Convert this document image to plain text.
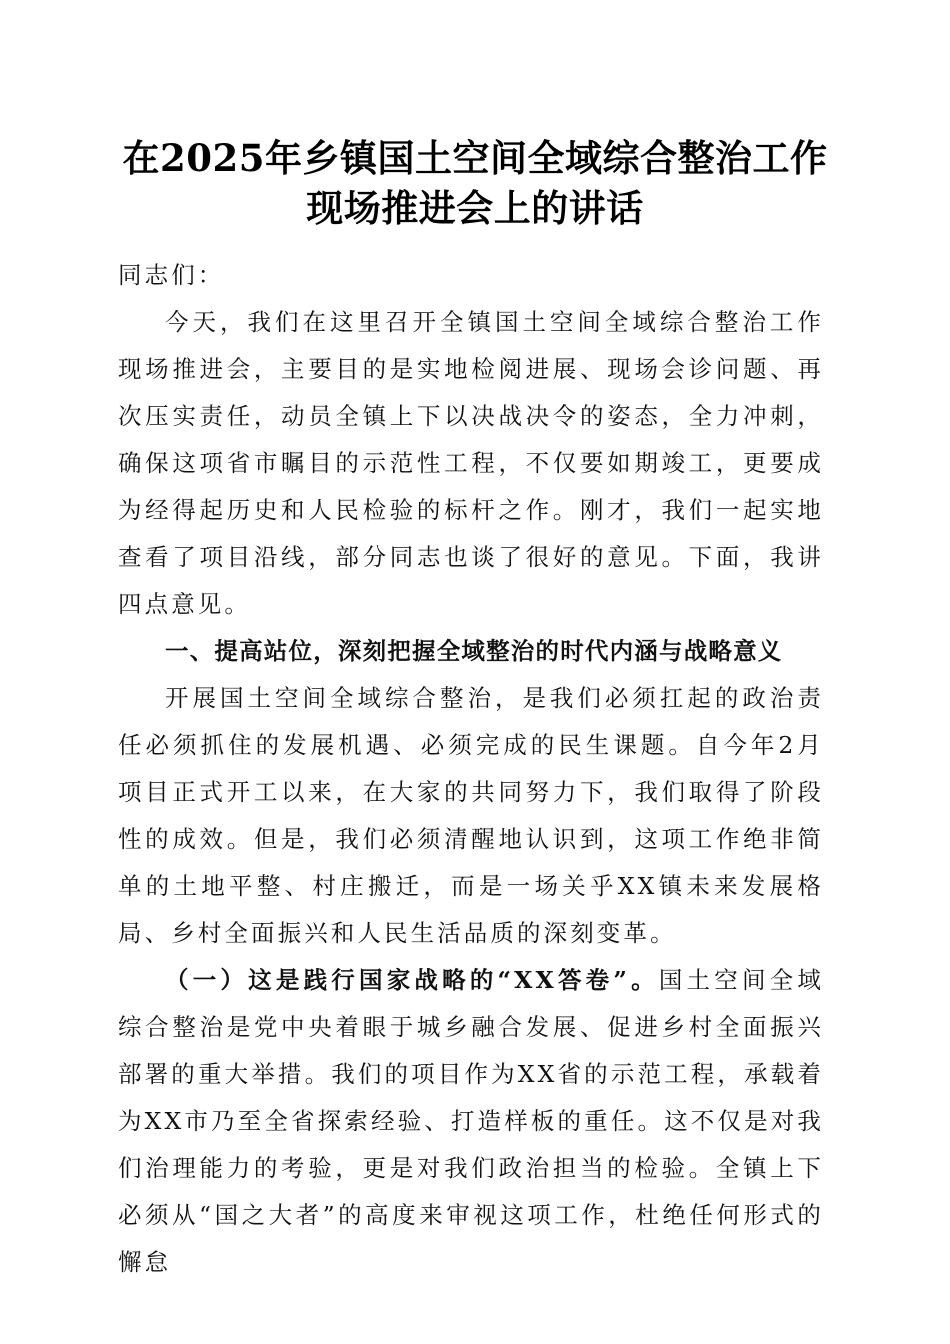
在2025年乡镇国土空间全域综合整治工作现场推进会上的讲话

同志们：

今天，我们在这里召开全镇国土空间全域综合整治工作现场推进会，主要目的是实地检阅进展、现场会诊问题、再次压实责任，动员全镇上下以决战决令的姿态，全力冲刺，确保这项省市瞩目的示范性工程，不仅要如期竣工，更要成为经得起历史和人民检验的标杆之作。刚才，我们一起实地查看了项目沿线，部分同志也谈了很好的意见。下面，我讲四点意见。

一、提高站位，深刻把握全域整治的时代内涵与战略意义

开展国土空间全域综合整治，是我们必须扛起的政治责任必须抓住的发展机遇、必须完成的民生课题。自今年2月项目正式开工以来，在大家的共同努力下，我们取得了阶段性的成效。但是，我们必须清醒地认识到，这项工作绝非简单的土地平整、村庄搬迁，而是一场关乎XX镇未来发展格局、乡村全面振兴和人民生活品质的深刻变革。

（一）这是践行国家战略的“XX答卷”。国土空间全域综合整治是党中央着眼于城乡融合发展、促进乡村全面振兴部署的重大举措。我们的项目作为XX省的示范工程，承载着为XX市乃至全省探索经验、打造样板的重任。这不仅是对我们治理能力的考验，更是对我们政治担当的检验。全镇上下必须从“国之大者”的高度来审视这项工作，杜绝任何形式的懈怠
